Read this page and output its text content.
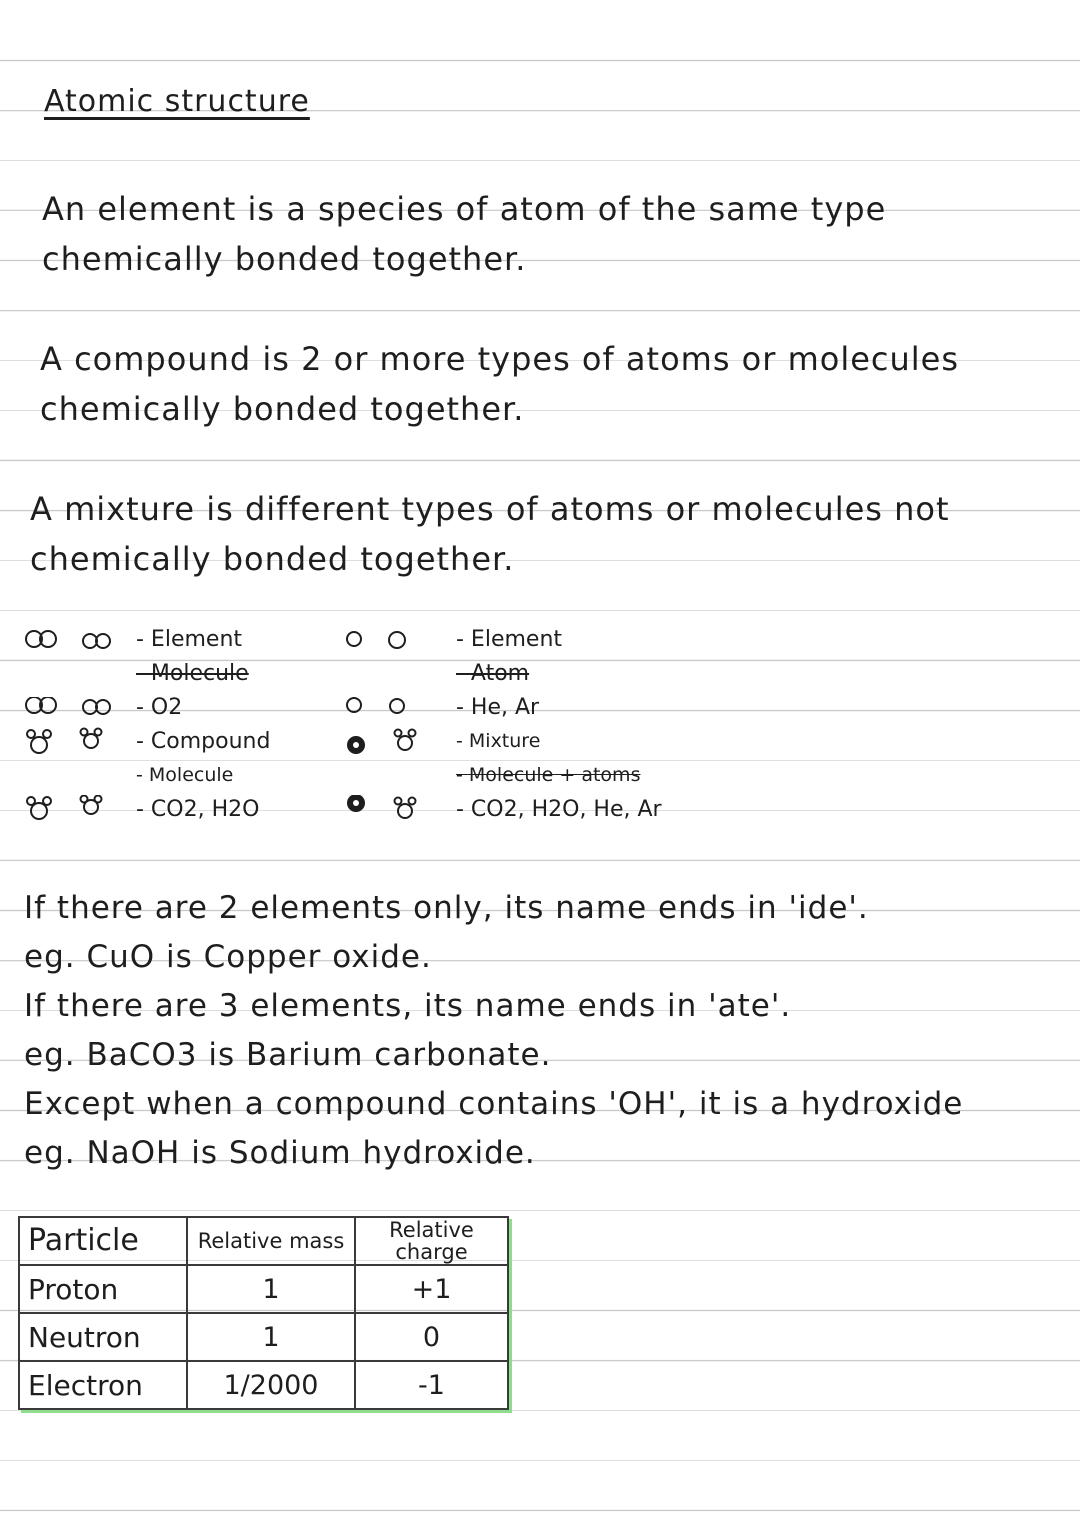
Atomic structure
An element is a species of atom of the same type
chemically bonded together.
A compound is 2 or more types of atoms or molecules
chemically bonded together.
A mixture is different types of atoms or molecules not
chemically bonded together.
- Element
- Molecule
- O2
- Compound
- Molecule
- CO2, H2O
- Element
- Atom
- He, Ar
- Mixture
- Molecule + atoms
- CO2, H2O, He, Ar
If there are 2 elements only, its name ends in 'ide'.
eg. CuO is Copper oxide.
If there are 3 elements, its name ends in 'ate'.
eg. BaCO3 is Barium carbonate.
Except when a compound contains 'OH', it is a hydroxide
eg. NaOH is Sodium hydroxide.
Particle	Relative mass	Relative charge
Proton	1	+1
Neutron	1	0
Electron	1/2000	-1
